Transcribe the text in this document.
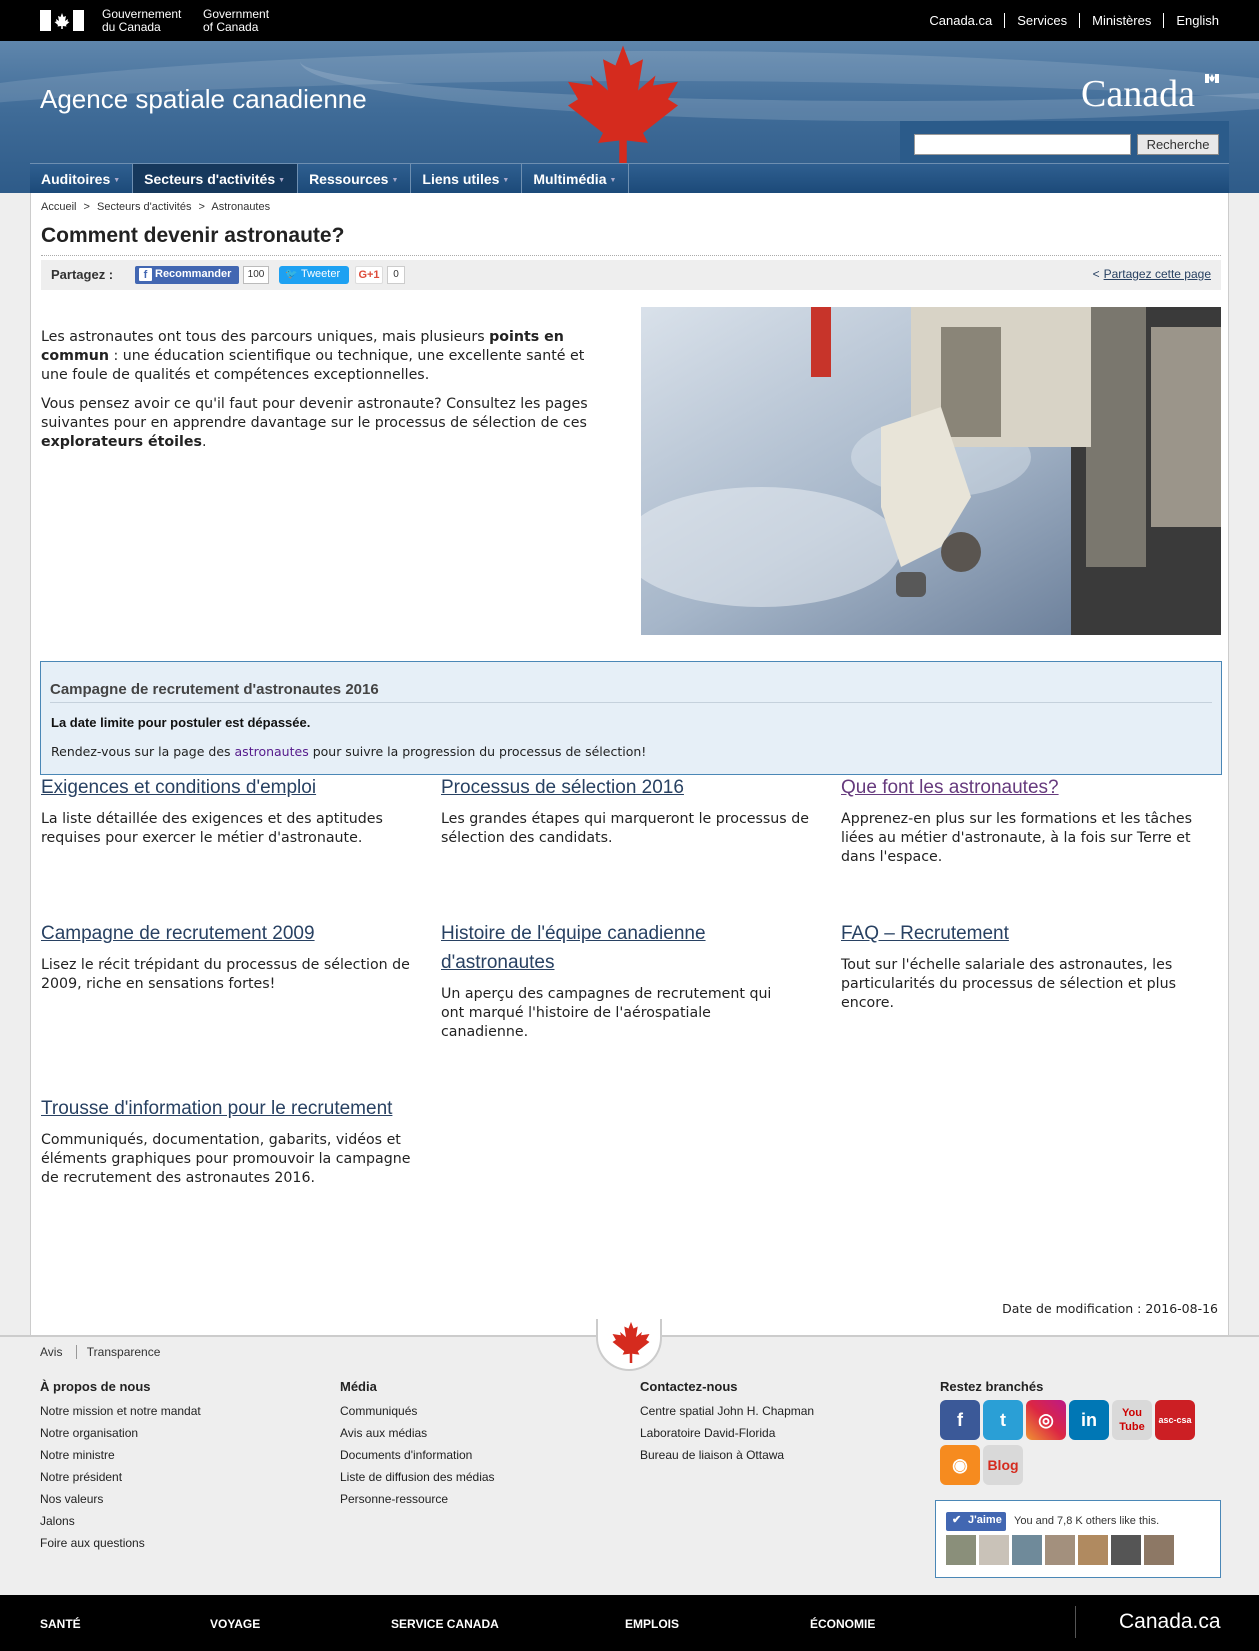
Gouvernement
du Canada
Government
of Canada	Canada.ca	Services	Ministères	English
Agence spatiale canadienne	Canada
Recherche
Auditoires ▼	Secteurs d'activités ▼	Ressources ▼	Liens utiles ▼	Multimédia ▼
Accueil > Secteurs d'activités > Astronautes
Comment devenir astronaute?
Partagez :	f Recommander	100	🐦 Tweeter	G+1	0	< Partagez cette page

Les astronautes ont tous des parcours uniques, mais plusieurs points en commun : une éducation scientifique ou technique, une excellente santé et une foule de qualités et compétences exceptionnelles.

Vous pensez avoir ce qu'il faut pour devenir astronaute? Consultez les pages suivantes pour en apprendre davantage sur le processus de sélection de ces explorateurs étoiles.

Campagne de recrutement d'astronautes 2016
La date limite pour postuler est dépassée.
Rendez-vous sur la page des astronautes pour suivre la progression du processus de sélection!
Exigences et conditions d'emploi

La liste détaillée des exigences et des aptitudes requises pour exercer le métier d'astronaute.

Processus de sélection 2016

Les grandes étapes qui marqueront le processus de sélection des candidats.

Que font les astronautes?

Apprenez-en plus sur les formations et les tâches liées au métier d'astronaute, à la fois sur Terre et dans l'espace.

Campagne de recrutement 2009

Lisez le récit trépidant du processus de sélection de 2009, riche en sensations fortes!

Histoire de l'équipe canadienne d'astronautes

Un aperçu des campagnes de recrutement qui ont marqué l'histoire de l'aérospatiale canadienne.

FAQ – Recrutement

Tout sur l'échelle salariale des astronautes, les particularités du processus de sélection et plus encore.

Trousse d'information pour le recrutement

Communiqués, documentation, gabarits, vidéos et éléments graphiques pour promouvoir la campagne de recrutement des astronautes 2016.

Date de modification : 2016-08-16
Avis Transparence
À propos de nous
Notre mission et notre mandat
Notre organisation
Notre ministre
Notre président
Nos valeurs
Jalons
Foire aux questions
Média
Communiqués
Avis aux médias
Documents d'information
Liste de diffusion des médias
Personne-ressource
Contactez-nous
Centre spatial John H. Chapman
Laboratoire David-Florida
Bureau de liaison à Ottawa
Restez branchés
f t ◎ in You Tubeasc-csa◉ Blog
✔ J'aime	You and 7,8 K others like this.
SANTÉ	VOYAGE	SERVICE CANADA	EMPLOIS	ÉCONOMIE	Canada.ca
